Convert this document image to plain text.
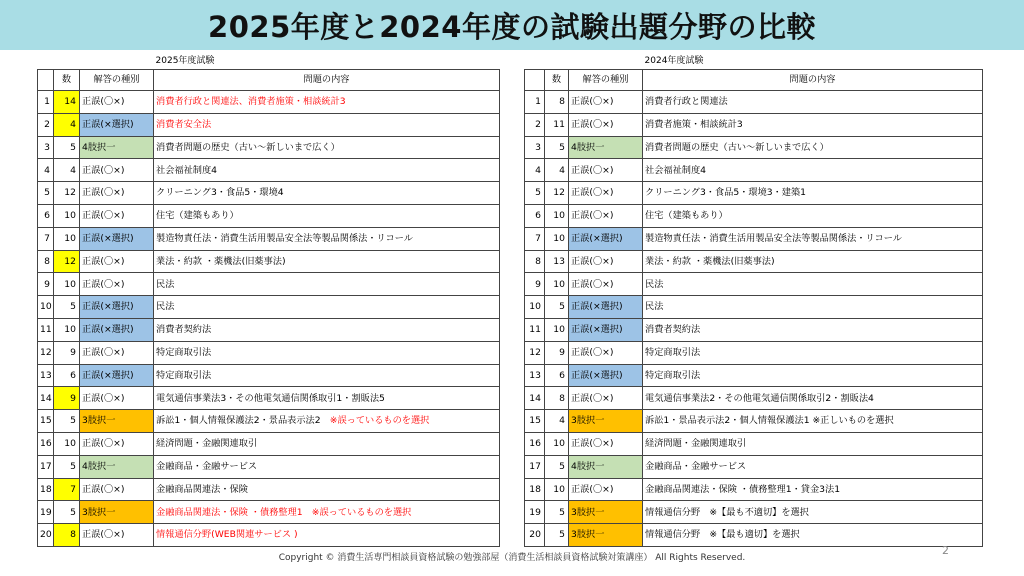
2025年度と2024年度の試験出題分野の比較
			2025年度試験
	数	解答の種別	問題の内容
1	14	正誤(〇×)	消費者行政と関連法、消費者施策・相談統計3
2	4	正誤(×選択)	消費者安全法
3	5	4肢択一	消費者問題の歴史（古い～新しいまで広く）
4	4	正誤(〇×)	社会福祉制度4
5	12	正誤(〇×)	クリーニング3・食品5・環境4
6	10	正誤(〇×)	住宅（建築もあり）
7	10	正誤(×選択)	製造物責任法・消費生活用製品安全法等製品関係法・リコール
8	12	正誤(〇×)	業法・約款 ・薬機法(旧薬事法)
9	10	正誤(〇×)	民法
10	5	正誤(×選択)	民法
11	10	正誤(×選択)	消費者契約法
12	9	正誤(〇×)	特定商取引法
13	6	正誤(×選択)	特定商取引法
14	9	正誤(〇×)	電気通信事業法3・その他電気通信関係取引1・割販法5
15	5	3肢択一	訴訟1・個人情報保護法2・景品表示法2　※誤っているものを選択
16	10	正誤(〇×)	経済問題・金融関連取引
17	5	4肢択一	金融商品・金融サービス
18	7	正誤(〇×)	金融商品関連法・保険
19	5	3肢択一	金融商品関連法・保険 ・債務整理1　※誤っているものを選択
20	8	正誤(〇×)	情報通信分野(WEB関連サービス )
			2024年度試験
	数	解答の種別	問題の内容
1	8	正誤(〇×)	消費者行政と関連法
2	11	正誤(〇×)	消費者施策・相談統計3
3	5	4肢択一	消費者問題の歴史（古い～新しいまで広く）
4	4	正誤(〇×)	社会福祉制度4
5	12	正誤(〇×)	クリーニング3・食品5・環境3・建築1
6	10	正誤(〇×)	住宅（建築もあり）
7	10	正誤(×選択)	製造物責任法・消費生活用製品安全法等製品関係法・リコール
8	13	正誤(〇×)	業法・約款 ・薬機法(旧薬事法)
9	10	正誤(〇×)	民法
10	5	正誤(×選択)	民法
11	10	正誤(×選択)	消費者契約法
12	9	正誤(〇×)	特定商取引法
13	6	正誤(×選択)	特定商取引法
14	8	正誤(〇×)	電気通信事業法2・その他電気通信関係取引2・割販法4
15	4	3肢択一	訴訟1・景品表示法2・個人情報保護法1 ※正しいものを選択
16	10	正誤(〇×)	経済問題・金融関連取引
17	5	4肢択一	金融商品・金融サービス
18	10	正誤(〇×)	金融商品関連法・保険 ・債務整理1・貸金3法1
19	5	3肢択一	情報通信分野　※【最も不適切】を選択
20	5	3肢択一	情報通信分野　※【最も適切】を選択
Copyright © 消費生活専門相談員資格試験の勉強部屋（消費生活相談員資格試験対策講座） All Rights Reserved.
2
